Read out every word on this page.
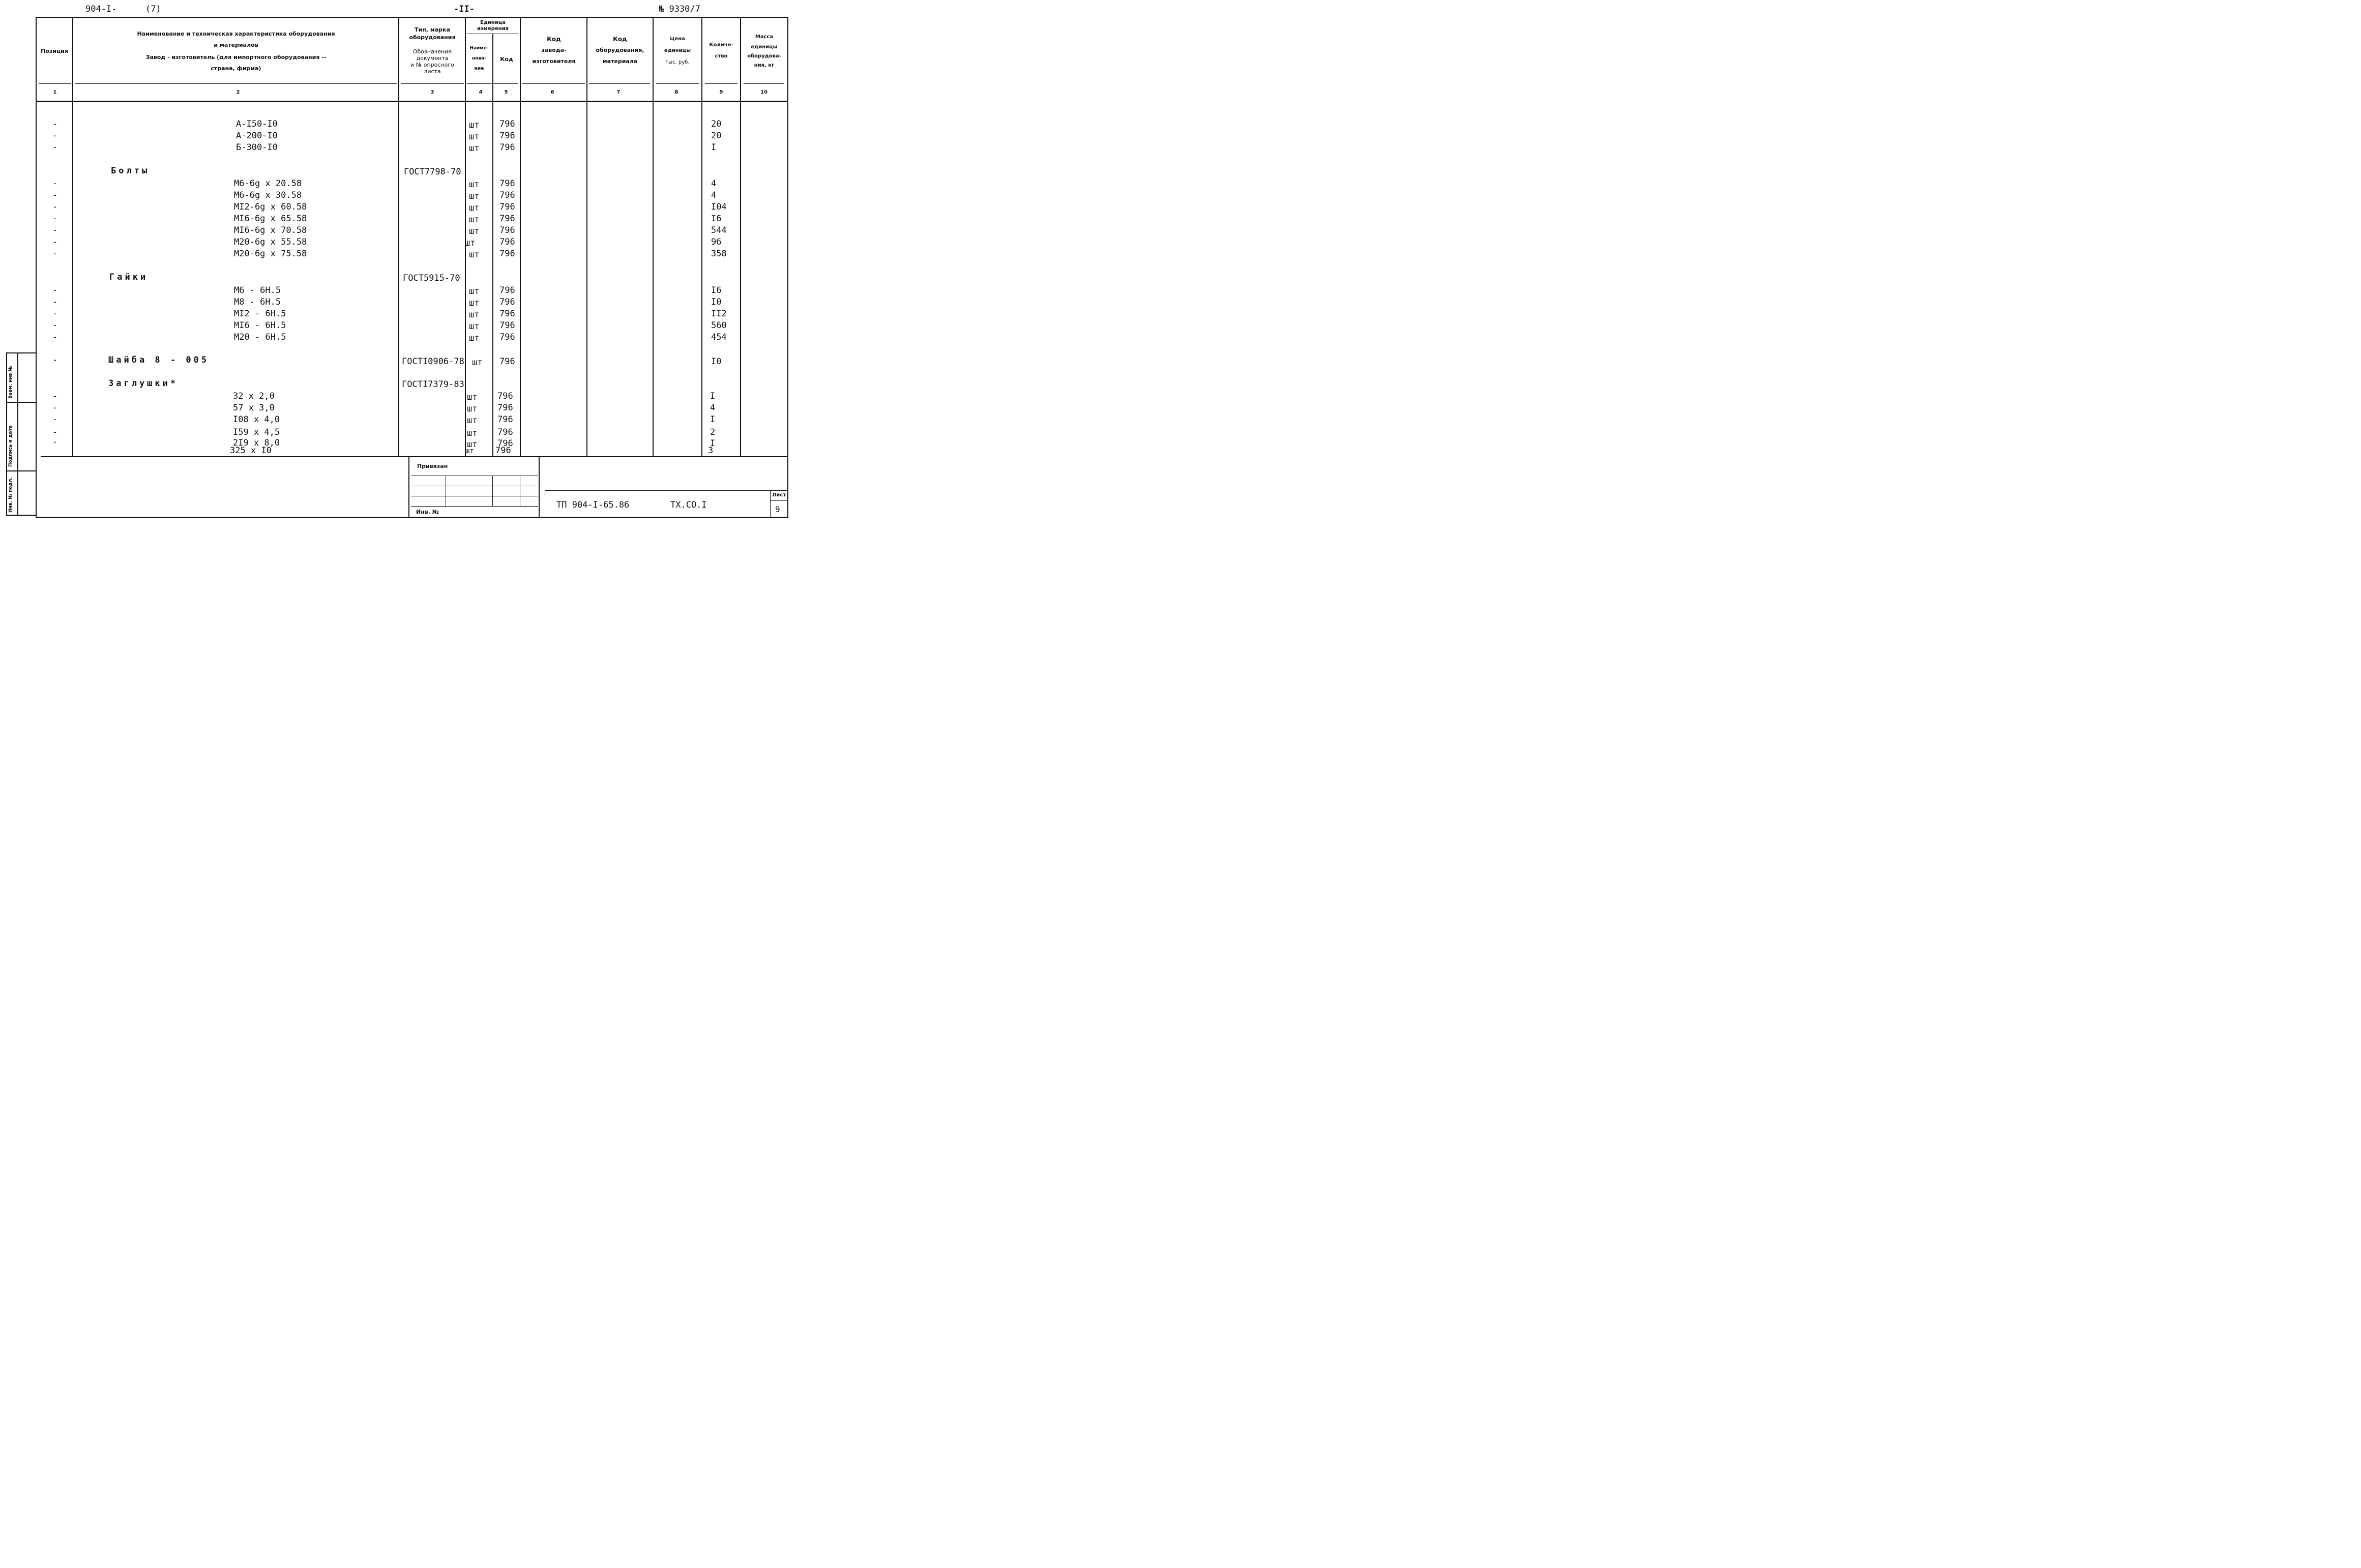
904-I-	(7)	-II-	№ 9330/7
Позиция
Наименование и техническая характеристика оборудования
и материалов
Завод - изготовитель (для импортного оборудования --
страна, фирма)
Тип, марка
оборудования
Обозначение
документа
и № опросного
листа
Единица
измерения
Наиме-
нова-
ние
Код
Код
завода-
изготовителя
Код
оборудования,
материала
Цена
единицы
тыс. руб.
Количе-
ство
Масса
единицы
оборудова-
ния, кг
1	2	3	4	5	6	7	8	9	10
-	А-I50-I0	шт 796	20
-	А-200-I0	шт 796	20
-	Б-300-I0	шт 796	I
Болты	ГОСТ7798-70
-	М6-6g x 20.58	шт 796	4
-	М6-6g x 30.58	шт 796	4
-	МI2-6g x 60.58	шт 796	I04
-	МI6-6g x 65.58	шт 796	I6
-	МI6-6g x 70.58	шт 796	544
-	М20-6g x 55.58	шт	796	96
-	М20-6g x 75.58	шт 796	358
Гайки	ГОСТ5915-70
-	М6 - 6Н.5	шт 796	I6
-	М8 - 6Н.5	шт 796	I0
-	МI2 - 6Н.5	шт 796	II2
-	МI6 - 6Н.5	шт 796	560
-	М20 - 6Н.5	шт 796	454
-	Шайба 8 - 005	ГОСТI0906-78 шт 796	I0
Заглушки*	ГОСТI7379-83
-	32 x 2,0	шт 796	I
-	57 x 3,0	шт 796	4
-	I08 x 4,0	шт 796	I
-	I59 x 4,5	шт 796	2
-	2I9 x 8,0	шт 796	I
325 x I0	шт 796	3
Привязан
Инв. №
ТП 904-I-65.86	ТХ.СО.I
Лист
9
Инв. № подл.
Подпись и дата
Взам. инв №
